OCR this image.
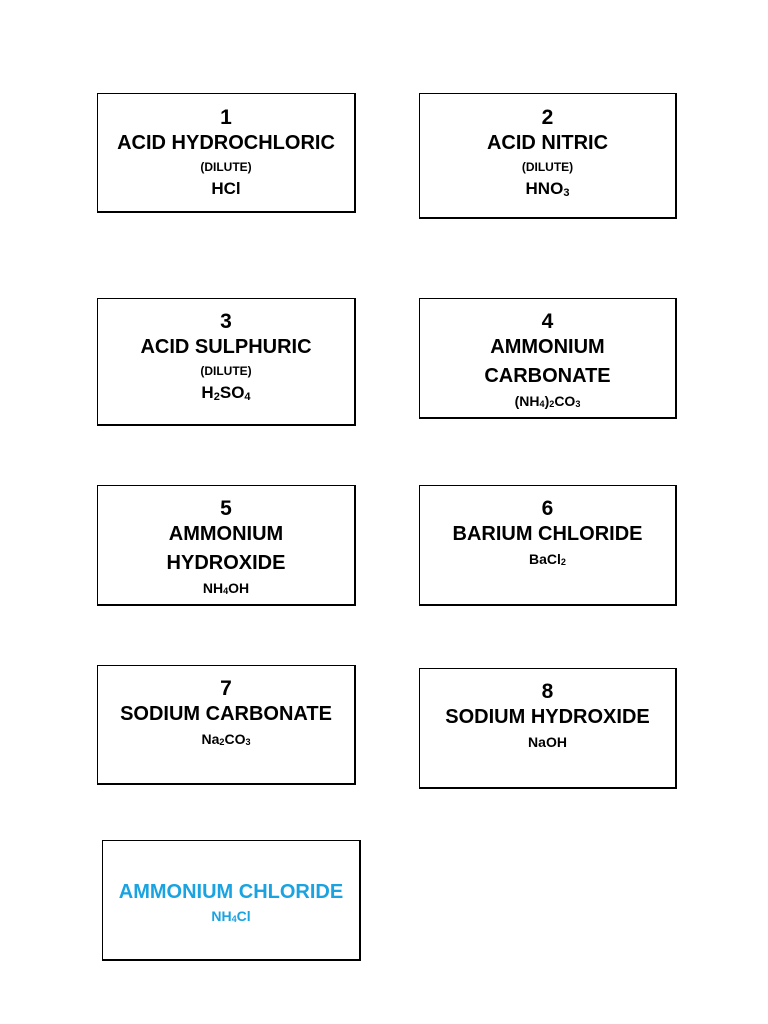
1
ACID HYDROCHLORIC
(DILUTE)
HCl
2
ACID NITRIC
(DILUTE)
$HNO_3$
3
ACID SULPHURIC
(DILUTE)
$H_2SO_4$
4
AMMONIUM
CARBONATE
$(NH_4)_2CO_3$
5
AMMONIUM
HYDROXIDE
$NH_4OH$
6
BARIUM CHLORIDE
BaCl$_2$
7
SODIUM CARBONATE
$Na_2CO_3$
8
SODIUM HYDROXIDE
NaOH
AMMONIUM CHLORIDE
$NH_4Cl$
